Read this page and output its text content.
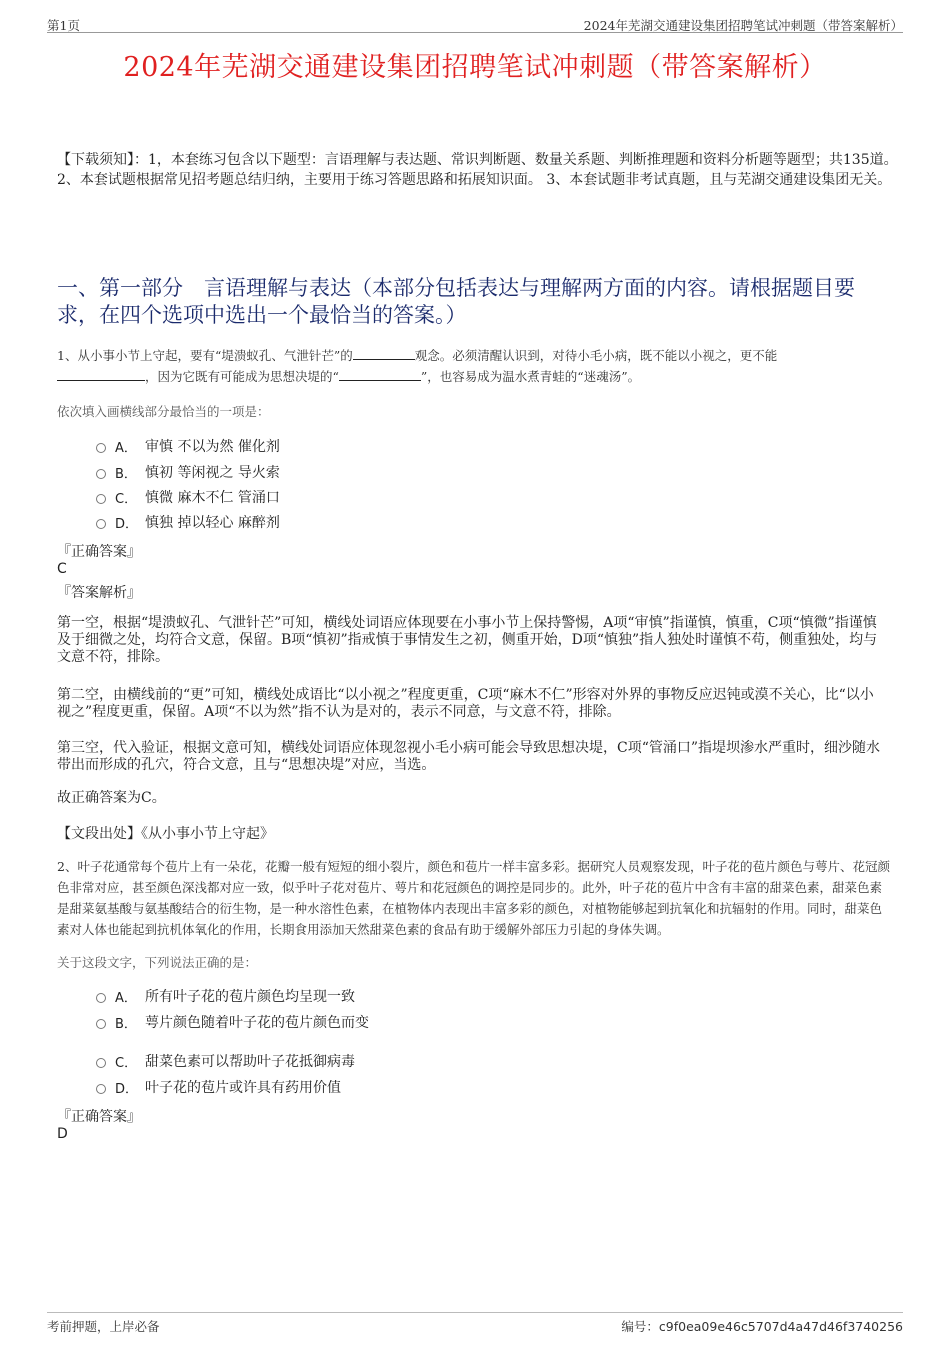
第1页	2024年芜湖交通建设集团招聘笔试冲刺题（带答案解析）
2024年芜湖交通建设集团招聘笔试冲刺题（带答案解析）
【下载须知】：1，本套练习包含以下题型：言语理解与表达题、常识判断题、数量关系题、判断推理题和资料分析题等题型；共135道。 2、本套试题根据常见招考题总结归纳，主要用于练习答题思路和拓展知识面。 3、本套试题非考试真题，且与芜湖交通建设集团无关。
一、第一部分　言语理解与表达（本部分包括表达与理解两方面的内容。请根据题目要求，在四个选项中选出一个最恰当的答案。）
1、从小事小节上守起，要有“堤溃蚁孔、气泄针芒”的	观念。必须清醒认识到，对待小毛小病，既不能以小视之，更不能
，因为它既有可能成为思想决堤的“	”，也容易成为温水煮青蛙的“迷魂汤”。
依次填入画横线部分最恰当的一项是：
A． 审慎 不以为然 催化剂
B． 慎初 等闲视之 导火索
C． 慎微 麻木不仁 管涌口
D． 慎独 掉以轻心 麻醉剂
『正确答案』
C
『答案解析』
第一空，根据“堤溃蚁孔、气泄针芒”可知，横线处词语应体现要在小事小节上保持警惕，A项“审慎”指谨慎，慎重，C项“慎微”指谨慎及于细微之处，均符合文意，保留。B项“慎初”指戒慎于事情发生之初，侧重开始，D项“慎独”指人独处时谨慎不苟，侧重独处，均与文意不符，排除。
第二空，由横线前的“更”可知，横线处成语比“以小视之”程度更重，C项“麻木不仁”形容对外界的事物反应迟钝或漠不关心，比“以小视之”程度更重，保留。A项“不以为然”指不认为是对的，表示不同意，与文意不符，排除。
第三空，代入验证，根据文意可知，横线处词语应体现忽视小毛小病可能会导致思想决堤，C项“管涌口”指堤坝渗水严重时，细沙随水带出而形成的孔穴，符合文意，且与“思想决堤”对应，当选。
故正确答案为C。
【文段出处】《从小事小节上守起》
2、叶子花通常每个苞片上有一朵花，花瓣一般有短短的细小裂片，颜色和苞片一样丰富多彩。据研究人员观察发现，叶子花的苞片颜色与萼片、花冠颜色非常对应，甚至颜色深浅都对应一致，似乎叶子花对苞片、萼片和花冠颜色的调控是同步的。此外，叶子花的苞片中含有丰富的甜菜色素，甜菜色素是甜菜氨基酸与氨基酸结合的衍生物，是一种水溶性色素，在植物体内表现出丰富多彩的颜色，对植物能够起到抗氧化和抗辐射的作用。同时，甜菜色素对人体也能起到抗机体氧化的作用，长期食用添加天然甜菜色素的食品有助于缓解外部压力引起的身体失调。
关于这段文字，下列说法正确的是：
A． 所有叶子花的苞片颜色均呈现一致
B． 萼片颜色随着叶子花的苞片颜色而变
C． 甜菜色素可以帮助叶子花抵御病毒
D． 叶子花的苞片或许具有药用价值
『正确答案』
D
考前押题，上岸必备	编号：c9f0ea09e46c5707d4a47d46f3740256
